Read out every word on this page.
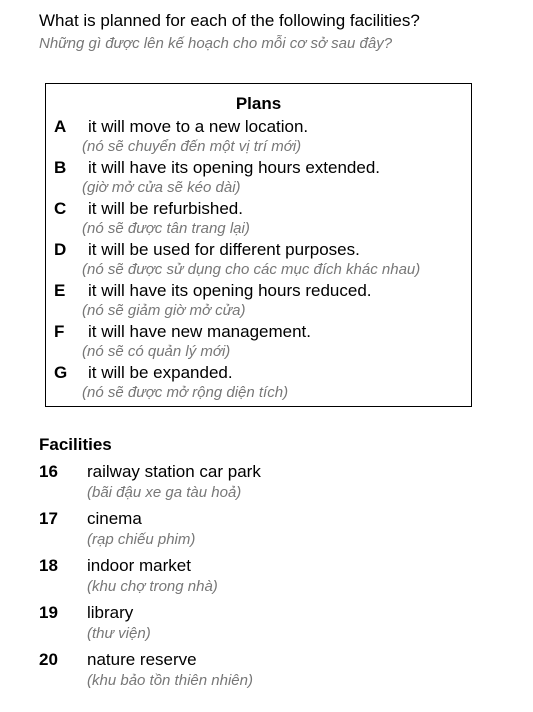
What is planned for each of the following facilities?
Những gì được lên kế hoạch cho mỗi cơ sở sau đây?
Plans
A it will move to a new location.
(nó sẽ chuyển đến một vị trí mới)
B it will have its opening hours extended.
(giờ mở cửa sẽ kéo dài)
C it will be refurbished.
(nó sẽ được tân trang lại)
D it will be used for different purposes.
(nó sẽ được sử dụng cho các mục đích khác nhau)
E it will have its opening hours reduced.
(nó sẽ giảm giờ mở cửa)
F it will have new management.
(nó sẽ có quản lý mới)
G it will be expanded.
(nó sẽ được mở rộng diện tích)
Facilities
16 railway station car park
(bãi đậu xe ga tàu hoả)
17 cinema
(rạp chiếu phim)
18 indoor market
(khu chợ trong nhà)
19 library
(thư viện)
20 nature reserve
(khu bảo tồn thiên nhiên)
